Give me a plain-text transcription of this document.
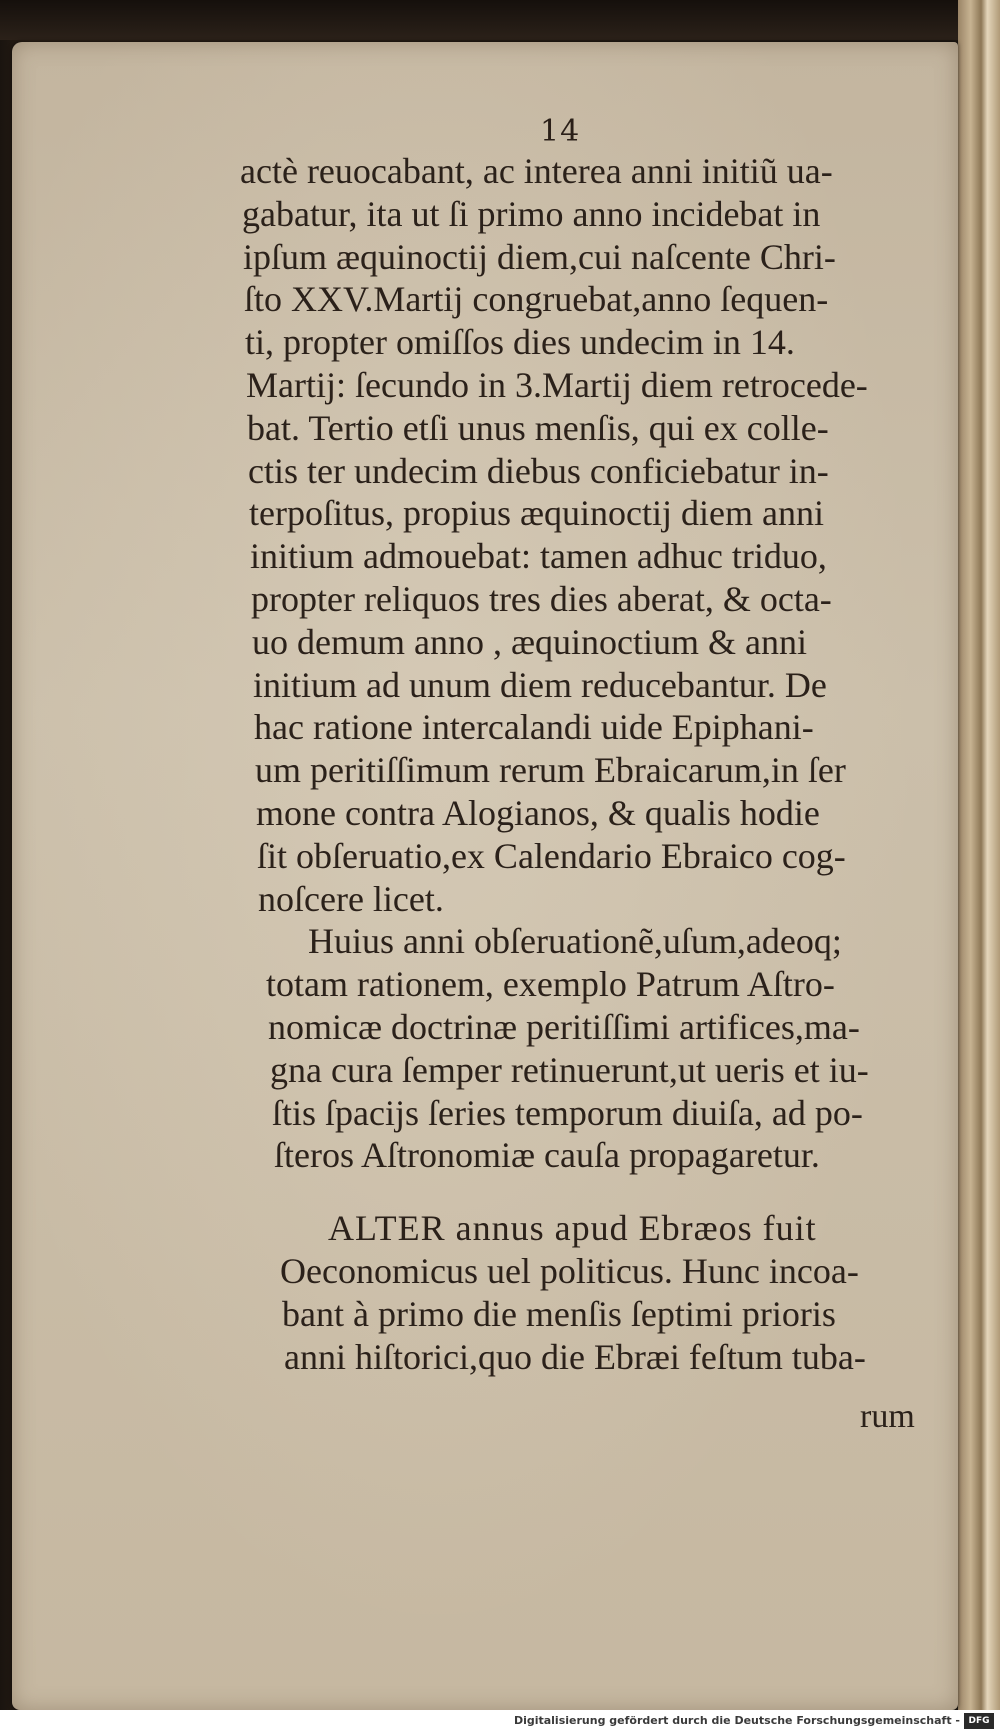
14
actè reuocabant, ac interea anni initiũ ua-
gabatur, ita ut ſi primo anno incidebat in
ipſum æquinoctij diem,cui naſcente Chri-
ſto XXV.Martij congruebat,anno ſequen-
ti, propter omiſſos dies undecim in 14.
Martij: ſecundo in 3.Martij diem retrocede-
bat. Tertio etſi unus menſis, qui ex colle-
ctis ter undecim diebus conficiebatur in-
terpoſitus, propius æquinoctij diem anni
initium admouebat: tamen adhuc triduo,
propter reliquos tres dies aberat, & octa-
uo demum anno , æquinoctium & anni
initium ad unum diem reducebantur. De
hac ratione intercalandi uide Epiphani-
um peritiſſimum rerum Ebraicarum,in ſer
mone contra Alogianos, & qualis hodie
ſit obſeruatio,ex Calendario Ebraico cog-
noſcere licet.
Huius anni obſeruationẽ,uſum,adeoq;
totam rationem, exemplo Patrum Aſtro-
nomicæ doctrinæ peritiſſimi artifices,ma-
gna cura ſemper retinuerunt,ut ueris et iu-
ſtis ſpacijs ſeries temporum diuiſa, ad po-
ſteros Aſtronomiæ cauſa propagaretur.
ALTER annus apud Ebræos fuit
Oeconomicus uel politicus. Hunc incoa-
bant à primo die menſis ſeptimi prioris
anni hiſtorici,quo die Ebræi feſtum tuba-
rum
Digitalisierung gefördert durch die Deutsche Forschungsgemeinschaft - DFG
